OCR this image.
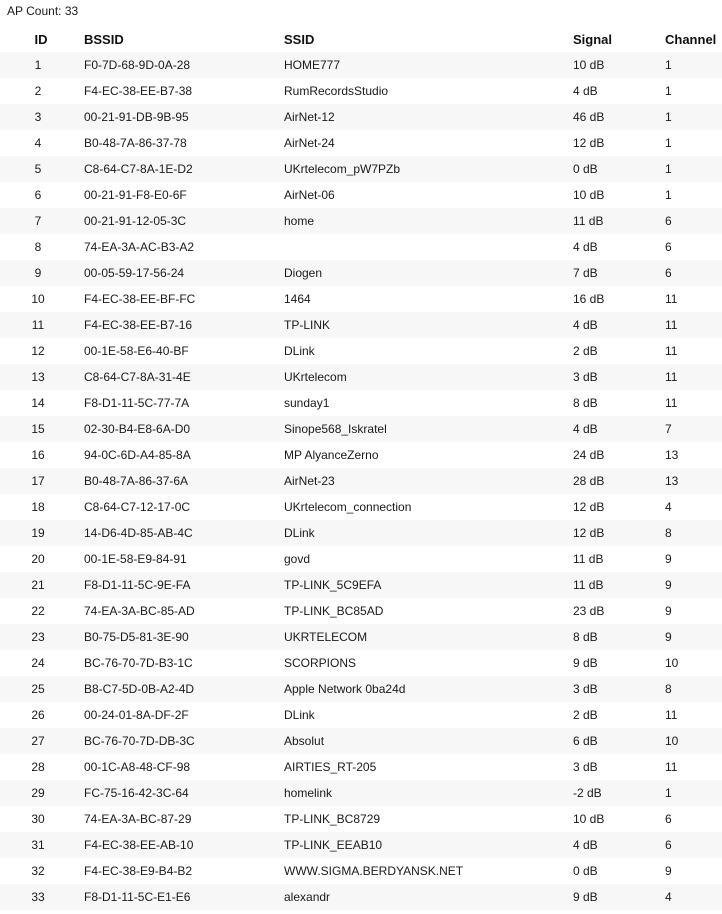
AP Count: 33
ID	BSSID	SSID	Signal	Channel
1	F0-7D-68-9D-0A-28	HOME777	10 dB	1
2	F4-EC-38-EE-B7-38	RumRecordsStudio	4 dB	1
3	00-21-91-DB-9B-95	AirNet-12	46 dB	1
4	B0-48-7A-86-37-78	AirNet-24	12 dB	1
5	C8-64-C7-8A-1E-D2	UKrtelecom_pW7PZb	0 dB	1
6	00-21-91-F8-E0-6F	AirNet-06	10 dB	1
7	00-21-91-12-05-3C	home	11 dB	6
8	74-EA-3A-AC-B3-A2		4 dB	6
9	00-05-59-17-56-24	Diogen	7 dB	6
10	F4-EC-38-EE-BF-FC	1464	16 dB	11
11	F4-EC-38-EE-B7-16	TP-LINK	4 dB	11
12	00-1E-58-E6-40-BF	DLink	2 dB	11
13	C8-64-C7-8A-31-4E	UKrtelecom	3 dB	11
14	F8-D1-11-5C-77-7A	sunday1	8 dB	11
15	02-30-B4-E8-6A-D0	Sinope568_Iskratel	4 dB	7
16	94-0C-6D-A4-85-8A	MP AlyanceZerno	24 dB	13
17	B0-48-7A-86-37-6A	AirNet-23	28 dB	13
18	C8-64-C7-12-17-0C	UKrtelecom_connection	12 dB	4
19	14-D6-4D-85-AB-4C	DLink	12 dB	8
20	00-1E-58-E9-84-91	govd	11 dB	9
21	F8-D1-11-5C-9E-FA	TP-LINK_5C9EFA	11 dB	9
22	74-EA-3A-BC-85-AD	TP-LINK_BC85AD	23 dB	9
23	B0-75-D5-81-3E-90	UKRTELECOM	8 dB	9
24	BC-76-70-7D-B3-1C	SCORPIONS	9 dB	10
25	B8-C7-5D-0B-A2-4D	Apple Network 0ba24d	3 dB	8
26	00-24-01-8A-DF-2F	DLink	2 dB	11
27	BC-76-70-7D-DB-3C	Absolut	6 dB	10
28	00-1C-A8-48-CF-98	AIRTIES_RT-205	3 dB	11
29	FC-75-16-42-3C-64	homelink	-2 dB	1
30	74-EA-3A-BC-87-29	TP-LINK_BC8729	10 dB	6
31	F4-EC-38-EE-AB-10	TP-LINK_EEAB10	4 dB	6
32	F4-EC-38-E9-B4-B2	WWW.SIGMA.BERDYANSK.NET	0 dB	9
33	F8-D1-11-5C-E1-E6	alexandr	9 dB	4
